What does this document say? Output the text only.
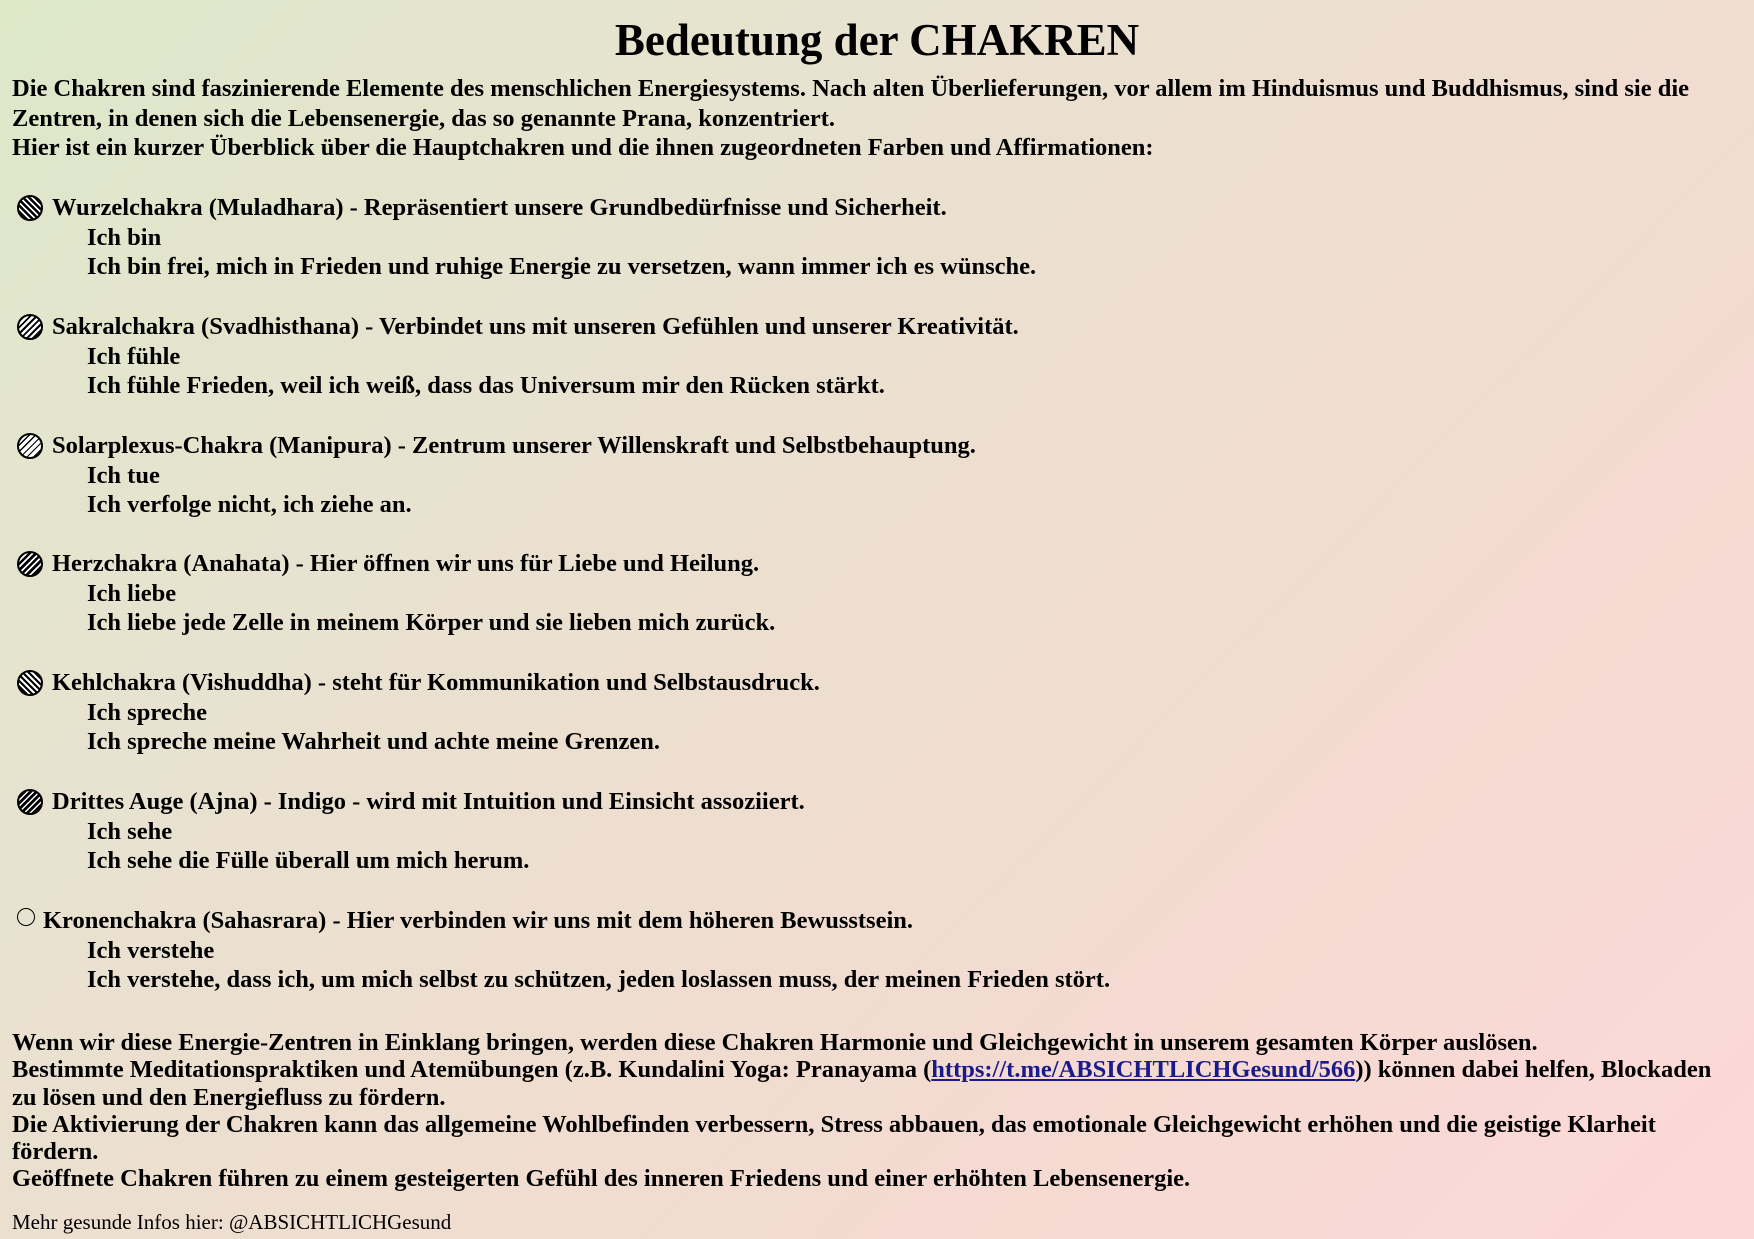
Bedeutung der CHAKREN

Die Chakren sind faszinierende Elemente des menschlichen Energiesystems. Nach alten Überlieferungen, vor allem im Hinduismus und Buddhismus, sind sie die Zentren, in denen sich die Lebensenergie, das so genannte Prana, konzentriert.

Hier ist ein kurzer Überblick über die Hauptchakren und die ihnen zugeordneten Farben und Affirmationen:

Wurzelchakra (Muladhara) - Repräsentiert unsere Grundbedürfnisse und Sicherheit.
Ich bin
Ich bin frei, mich in Frieden und ruhige Energie zu versetzen, wann immer ich es wünsche.
Sakralchakra (Svadhisthana) - Verbindet uns mit unseren Gefühlen und unserer Kreativität.
Ich fühle
Ich fühle Frieden, weil ich weiß, dass das Universum mir den Rücken stärkt.
Solarplexus-Chakra (Manipura) - Zentrum unserer Willenskraft und Selbstbehauptung.
Ich tue
Ich verfolge nicht, ich ziehe an.
Herzchakra (Anahata) - Hier öffnen wir uns für Liebe und Heilung.
Ich liebe
Ich liebe jede Zelle in meinem Körper und sie lieben mich zurück.
Kehlchakra (Vishuddha) - steht für Kommunikation und Selbstausdruck.
Ich spreche
Ich spreche meine Wahrheit und achte meine Grenzen.
Drittes Auge (Ajna) - Indigo - wird mit Intuition und Einsicht assoziiert.
Ich sehe
Ich sehe die Fülle überall um mich herum.
Kronenchakra (Sahasrara) - Hier verbinden wir uns mit dem höheren Bewusstsein.
Ich verstehe
Ich verstehe, dass ich, um mich selbst zu schützen, jeden loslassen muss, der meinen Frieden stört.

Wenn wir diese Energie-Zentren in Einklang bringen, werden diese Chakren Harmonie und Gleichgewicht in unserem gesamten Körper auslösen.

Bestimmte Meditationspraktiken und Atemübungen (z.B. Kundalini Yoga: Pranayama (https://t.me/ABSICHTLICHGesund/566)) können dabei helfen, Blockaden zu lösen und den Energiefluss zu fördern.

Die Aktivierung der Chakren kann das allgemeine Wohlbefinden verbessern, Stress abbauen, das emotionale Gleichgewicht erhöhen und die geistige Klarheit fördern.

Geöffnete Chakren führen zu einem gesteigerten Gefühl des inneren Friedens und einer erhöhten Lebensenergie.

Mehr gesunde Infos hier: @ABSICHTLICHGesund
